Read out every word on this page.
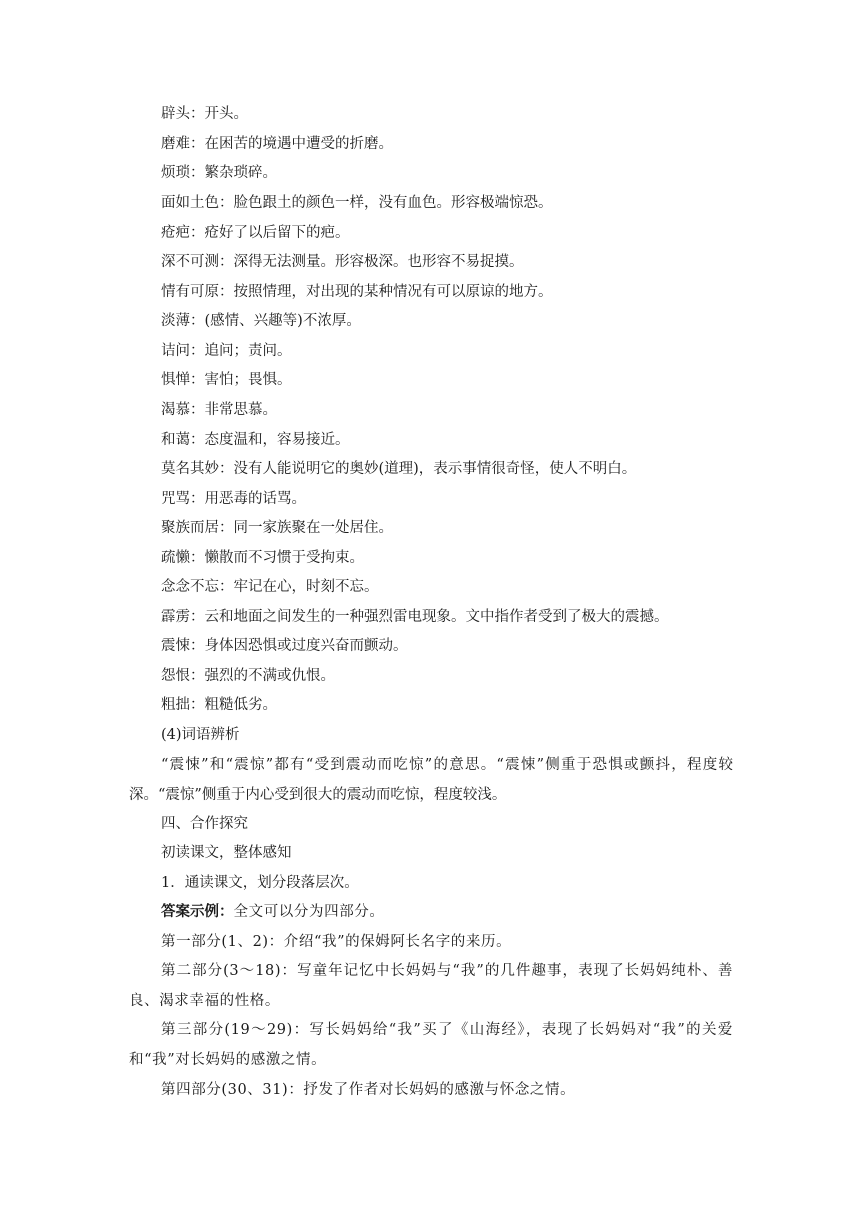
辟头：开头。
磨难：在困苦的境遇中遭受的折磨。
烦琐：繁杂琐碎。
面如土色：脸色跟土的颜色一样，没有血色。形容极端惊恐。
疮疤：疮好了以后留下的疤。
深不可测：深得无法测量。形容极深。也形容不易捉摸。
情有可原：按照情理，对出现的某种情况有可以原谅的地方。
淡薄：(感情、兴趣等)不浓厚。
诘问：追问；责问。
惧惮：害怕；畏惧。
渴慕：非常思慕。
和蔼：态度温和，容易接近。
莫名其妙：没有人能说明它的奥妙(道理)，表示事情很奇怪，使人不明白。
咒骂：用恶毒的话骂。
聚族而居：同一家族聚在一处居住。
疏懒：懒散而不习惯于受拘束。
念念不忘：牢记在心，时刻不忘。
霹雳：云和地面之间发生的一种强烈雷电现象。文中指作者受到了极大的震撼。
震悚：身体因恐惧或过度兴奋而颤动。
怨恨：强烈的不满或仇恨。
粗拙：粗糙低劣。
(4)词语辨析
“震悚”和“震惊”都有“受到震动而吃惊”的意思。“震悚”侧重于恐惧或颤抖，程度较深。“震惊”侧重于内心受到很大的震动而吃惊，程度较浅。
四、合作探究
初读课文，整体感知
1．通读课文，划分段落层次。
答案示例：全文可以分为四部分。
第一部分(1、2)：介绍“我”的保姆阿长名字的来历。
第二部分(3～18)：写童年记忆中长妈妈与“我”的几件趣事，表现了长妈妈纯朴、善良、渴求幸福的性格。
第三部分(19～29)：写长妈妈给“我”买了《山海经》，表现了长妈妈对“我”的关爱和“我”对长妈妈的感激之情。
第四部分(30、31)：抒发了作者对长妈妈的感激与怀念之情。
